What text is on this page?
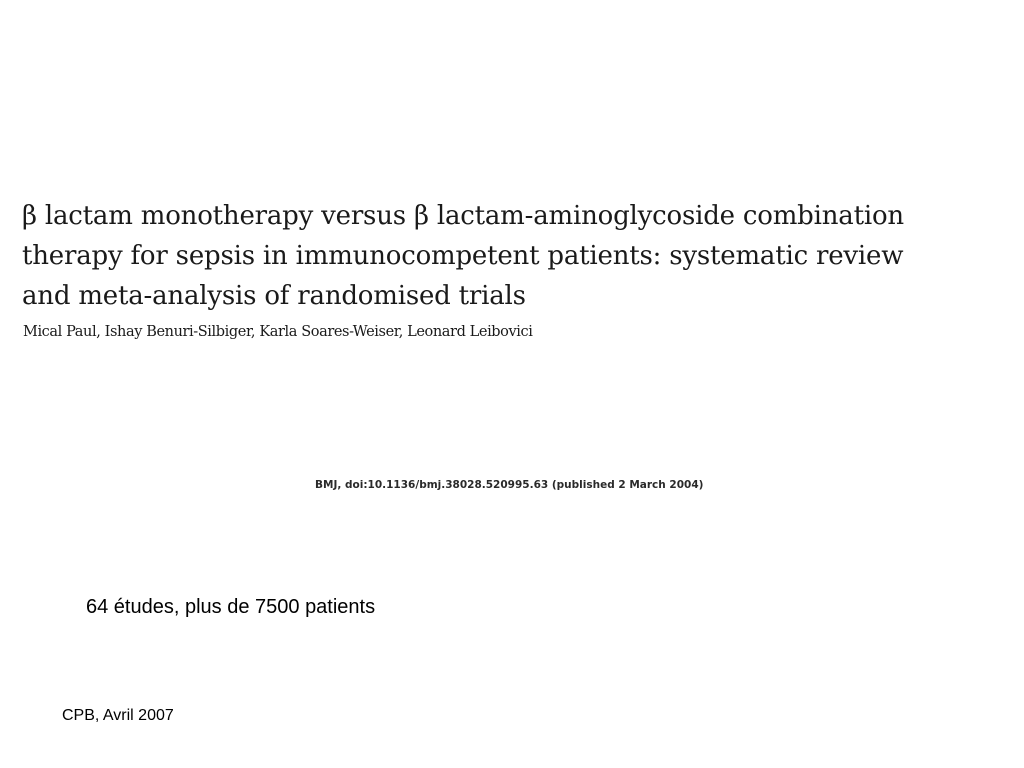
β lactam monotherapy versus β lactam-aminoglycoside combination
therapy for sepsis in immunocompetent patients: systematic review
and meta-analysis of randomised trials

Mical Paul, Ishay Benuri-Silbiger, Karla Soares-Weiser, Leonard Leibovici

BMJ, doi:10.1136/bmj.38028.520995.63 (published 2 March 2004)

64 études, plus de 7500 patients

CPB, Avril 2007
